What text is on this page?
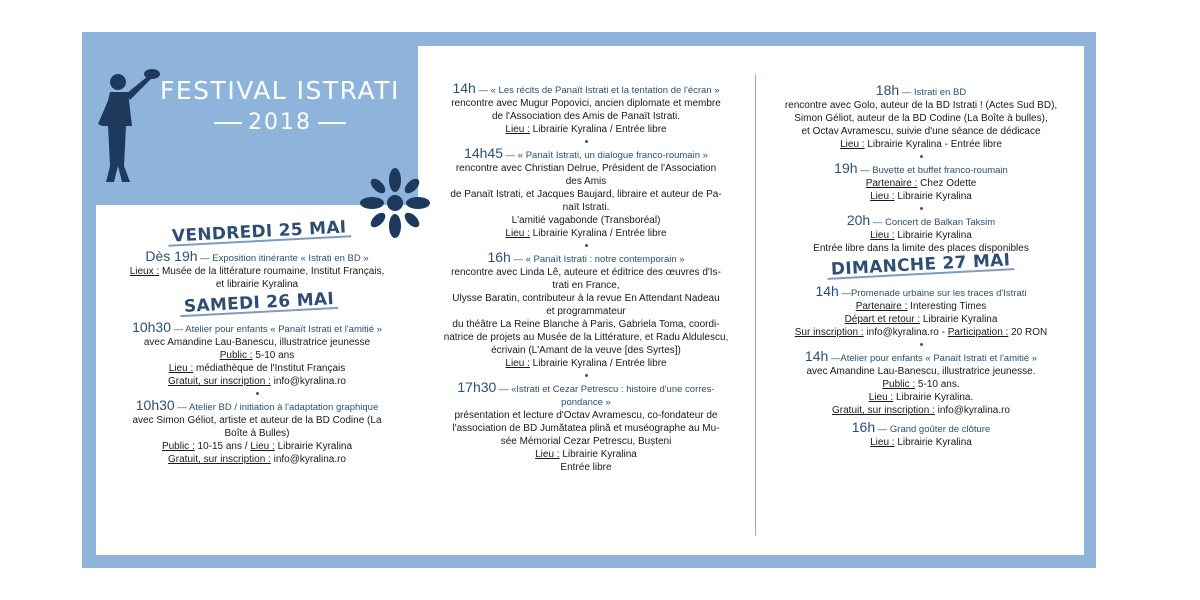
FESTIVAL ISTRATI
2018
VENDREDI 25 MAI
Dès 19h — Exposition itinérante « Istrati en BD »
Lieux : Musée de la littérature roumaine, Institut Français,
et librairie Kyralina
SAMEDI 26 MAI
10h30 — Atelier pour enfants « Panaït Istrati et l'amitié »
avec Amandine Lau-Banescu, illustratrice jeunesse
Public : 5-10 ans
Lieu : médiathèque de l'Institut Français
Gratuit, sur inscription : info@kyralina.ro
10h30 — Atelier BD / initiation à l'adaptation graphique
avec Simon Géliot, artiste et auteur de la BD Codine (La
Boîte à Bulles)
Public : 10-15 ans / Lieu : Librairie Kyralina
Gratuit, sur inscription : info@kyralina.ro
14h — « Les récits de Panaït Istrati et la tentation de l'écran »
rencontre avec Mugur Popovici, ancien diplomate et membre
de l'Association des Amis de Panaït Istrati.
Lieu : Librairie Kyralina / Entrée libre
14h45 — « Panaït Istrati, un dialogue franco-roumain »
rencontre avec Christian Delrue, Président de l'Association
des Amis
de Panaït Istrati, et Jacques Baujard, libraire et auteur de Pa-
naït Istrati.
L'amitié vagabonde (Transboréal)
Lieu : Librairie Kyralina / Entrée libre
16h — « Panaït Istrati : notre contemporain »
rencontre avec Linda Lê, auteure et éditrice des œuvres d'Is-
trati en France,
Ulysse Baratin, contributeur à la revue En Attendant Nadeau
et programmateur
du théâtre La Reine Blanche à Paris, Gabriela Toma, coordi-
natrice de projets au Musée de la Littérature, et Radu Aldulescu,
écrivain (L'Amant de la veuve [des Syrtes])
Lieu : Librairie Kyralina / Entrée libre
17h30 — «Istrati et Cezar Petrescu : histoire d'une corres-
pondance »
présentation et lecture d'Octav Avramescu, co-fondateur de
l'association de BD Jumătatea plină et muséographe au Mu-
sée Mémorial Cezar Petrescu, Bușteni
Lieu : Librairie Kyralina
Entrée libre
18h — Istrati en BD
rencontre avec Golo, auteur de la BD Istrati ! (Actes Sud BD),
Simon Géliot, auteur de la BD Codine (La Boîte à bulles),
et Octav Avramescu, suivie d'une séance de dédicace
Lieu : Librairie Kyralina - Entrée libre
19h — Buvette et buffet franco-roumain
Partenaire : Chez Odette
Lieu : Librairie Kyralina
20h — Concert de Balkan Taksim
Lieu : Librairie Kyralina
Entrée libre dans la limite des places disponibles
DIMANCHE 27 MAI
14h —Promenade urbaine sur les traces d'Istrati
Partenaire : Interesting Times
Départ et retour : Librairie Kyralina
Sur inscription : info@kyralina.ro - Participation : 20 RON
14h —Atelier pour enfants « Panaït Istrati et l'amitié »
avec Amandine Lau-Banescu, illustratrice jeunesse.
Public : 5-10 ans.
Lieu : Librairie Kyralina.
Gratuit, sur inscription : info@kyralina.ro
16h — Grand goûter de clôture
Lieu : Librairie Kyralina
